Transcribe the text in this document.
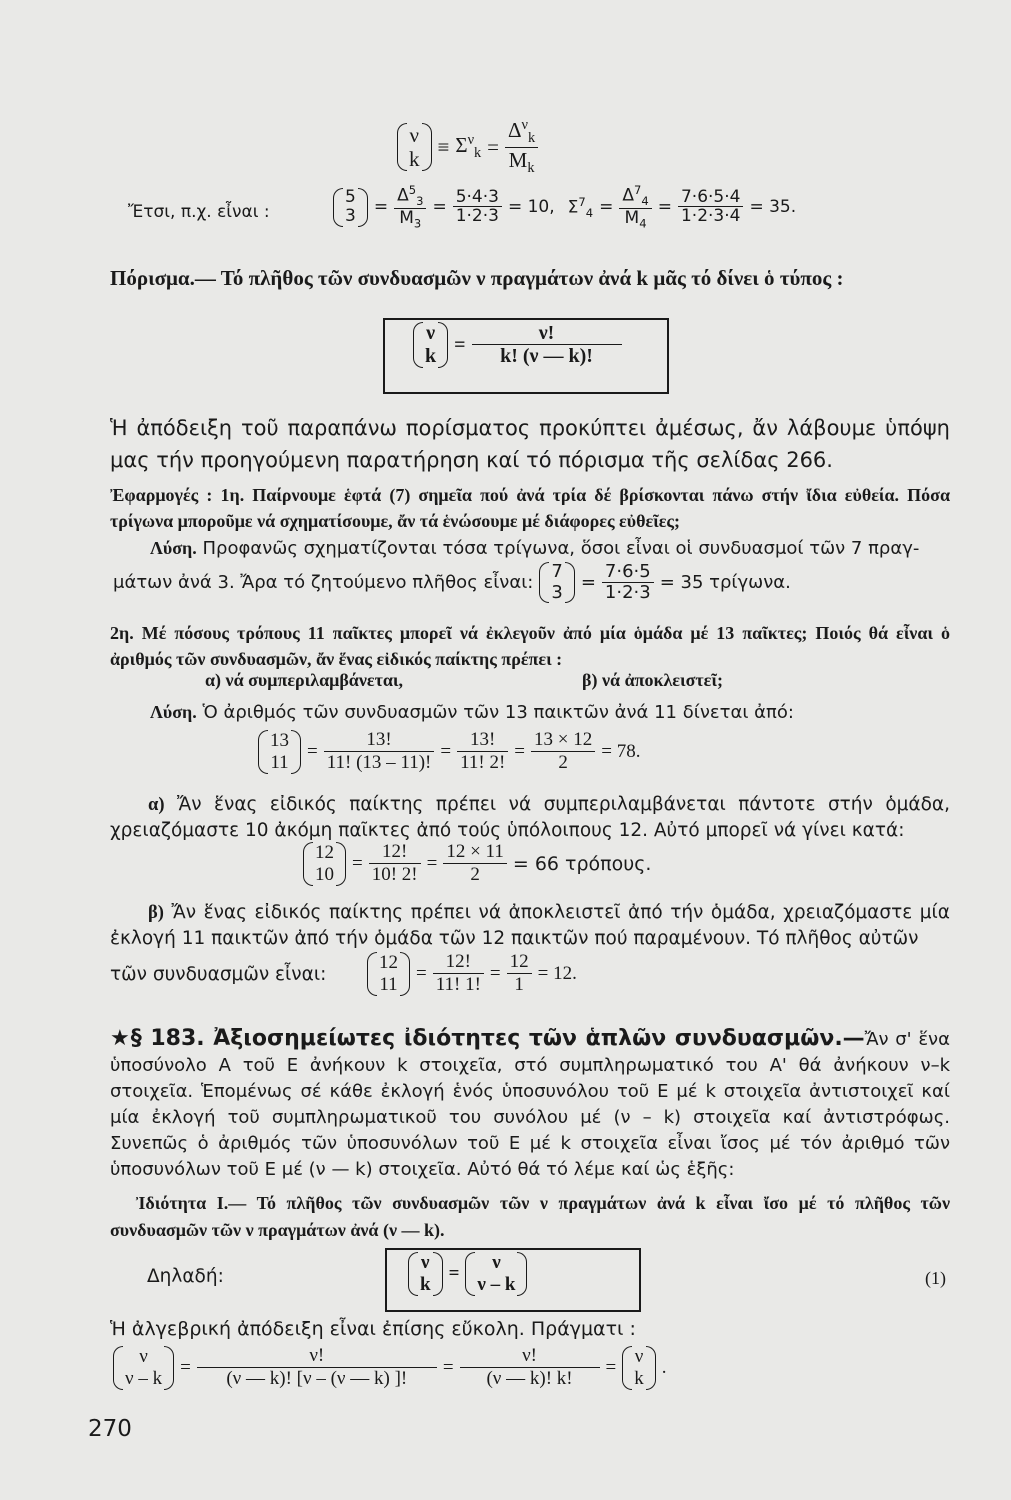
ν
k
≡ $\Sigma^\nu_k = \frac{\Delta^\nu_k}{M_k}$
Ἔτσι, π.χ. εἶναι :
5
$3 = \frac{\Delta^5_3}{M_3} = \frac{5\cdot 4\cdot 3}{1\cdot 2\cdot 3} = 10$, $\Sigma^7_4 = \frac{\Delta^7_4}{M_4} = \frac{7\cdot 6\cdot 5\cdot 4}{1\cdot 2\cdot 3\cdot 4} = 35$.
Πόρισμα.— Τό πλῆθος τῶν συνδυασμῶν ν πραγμάτων ἀνά k μᾶς τό δίνει ὁ τύπος :
ν
k
= $\frac{\nu!}{k! (\nu — k)!}$
Ἡ ἀπόδειξη τοῦ παραπάνω πορίσματος προκύπτει ἀμέσως, ἄν λάβουμε ὑπόψη μας τήν προηγούμενη παρατήρηση καί τό πόρισμα τῆς σελίδας 266.
Ἐφαρμογές : 1η. Παίρνουμε ἑφτά (7) σημεῖα πού ἀνά τρία δέ βρίσκονται πάνω στήν ἴδια εὐθεία. Πόσα τρίγωνα μποροῦμε νά σχηματίσουμε, ἄν τά ἑνώσουμε μέ διάφορες εὐθεῖες;
Λύση. Προφανῶς σχηματίζονται τόσα τρίγωνα, ὅσοι εἶναι οἱ συνδυασμοί τῶν 7 πραγ-
μάτων ἀνά 3. Ἄρα τό ζητούμενο πλῆθος εἶναι:
7
$3 = \frac{7\cdot 6\cdot 5}{1\cdot 2\cdot 3} = 35$ τρίγωνα.
2η. Μέ πόσους τρόπους 11 παῖκτες μπορεῖ νά ἐκλεγοῦν ἀπό μία ὁμάδα μέ 13 παῖκτες; Ποιός θά εἶναι ὁ ἀριθμός τῶν συνδυασμῶν, ἄν ἕνας εἰδικός παίκτης πρέπει :
α) νά συμπεριλαμβάνεται,	β) νά ἀποκλειστεῖ;
Λύση. Ὁ ἀριθμός τῶν συνδυασμῶν τῶν 13 παικτῶν ἀνά 11 δίνεται ἀπό:
13
11
= $\frac{13!}{11! (13 - 11)!} = \frac{13!}{11! 2!} = \frac{13 \times 12}{2} = 78$.
α) Ἄν ἕνας εἰδικός παίκτης πρέπει νά συμπεριλαμβάνεται πάντοτε στήν ὁμάδα, χρειαζόμαστε 10 ἀκόμη παῖκτες ἀπό τούς ὑπόλοιπους 12. Αὐτό μπορεῖ νά γίνει κατά:
12
10
= $\frac{12!}{10! 2!} = \frac{12 \times 11}{2} = 66$ τρόπους.
β) Ἄν ἕνας εἰδικός παίκτης πρέπει νά ἀποκλειστεῖ ἀπό τήν ὁμάδα, χρειαζόμαστε μία ἐκλογή 11 παικτῶν ἀπό τήν ὁμάδα τῶν 12 παικτῶν πού παραμένουν. Τό πλῆθος αὐτῶν
τῶν συνδυασμῶν εἶναι:
12
11
= $\frac{12!}{11! 1!} = \frac{12}{1} = 12$.
★§ 183. Ἀξιοσημείωτες ἰδιότητες τῶν ἁπλῶν συνδυασμῶν.—Ἄν σ' ἕνα ὑποσύνολο Α τοῦ Ε ἀνήκουν k στοιχεῖα, στό συμπληρωματικό του Α' θά ἀνήκουν ν–k στοιχεῖα. Ἑπομένως σέ κάθε ἐκλογή ἑνός ὑποσυνόλου τοῦ Ε μέ k στοιχεῖα ἀντιστοιχεῖ καί μία ἐκλογή τοῦ συμπληρωματικοῦ του συνόλου μέ (ν – k) στοιχεῖα καί ἀντιστρόφως. Συνεπῶς ὁ ἀριθμός τῶν ὑποσυνόλων τοῦ Ε μέ k στοιχεῖα εἶναι ἴσος μέ τόν ἀριθμό τῶν ὑποσυνόλων τοῦ Ε μέ (ν — k) στοιχεῖα. Αὐτό θά τό λέμε καί ὡς ἑξῆς:
Ἰδιότητα Ι.— Τό πλῆθος τῶν συνδυασμῶν τῶν ν πραγμάτων ἀνά k εἶναι ἴσο μέ τό πλῆθος τῶν συνδυασμῶν τῶν ν πραγμάτων ἀνά (ν — k).
Δηλαδή:
ν
k
=
ν
ν – k	(1)
Ἡ ἀλγεβρική ἀπόδειξη εἶναι ἐπίσης εὔκολη. Πράγματι :
ν
ν – k
= $\frac{\nu!}{(\nu — k)! [\nu - (\nu — k) ]!} = \frac{\nu!}{(\nu — k)! k!}$ =
ν
k
.
270
